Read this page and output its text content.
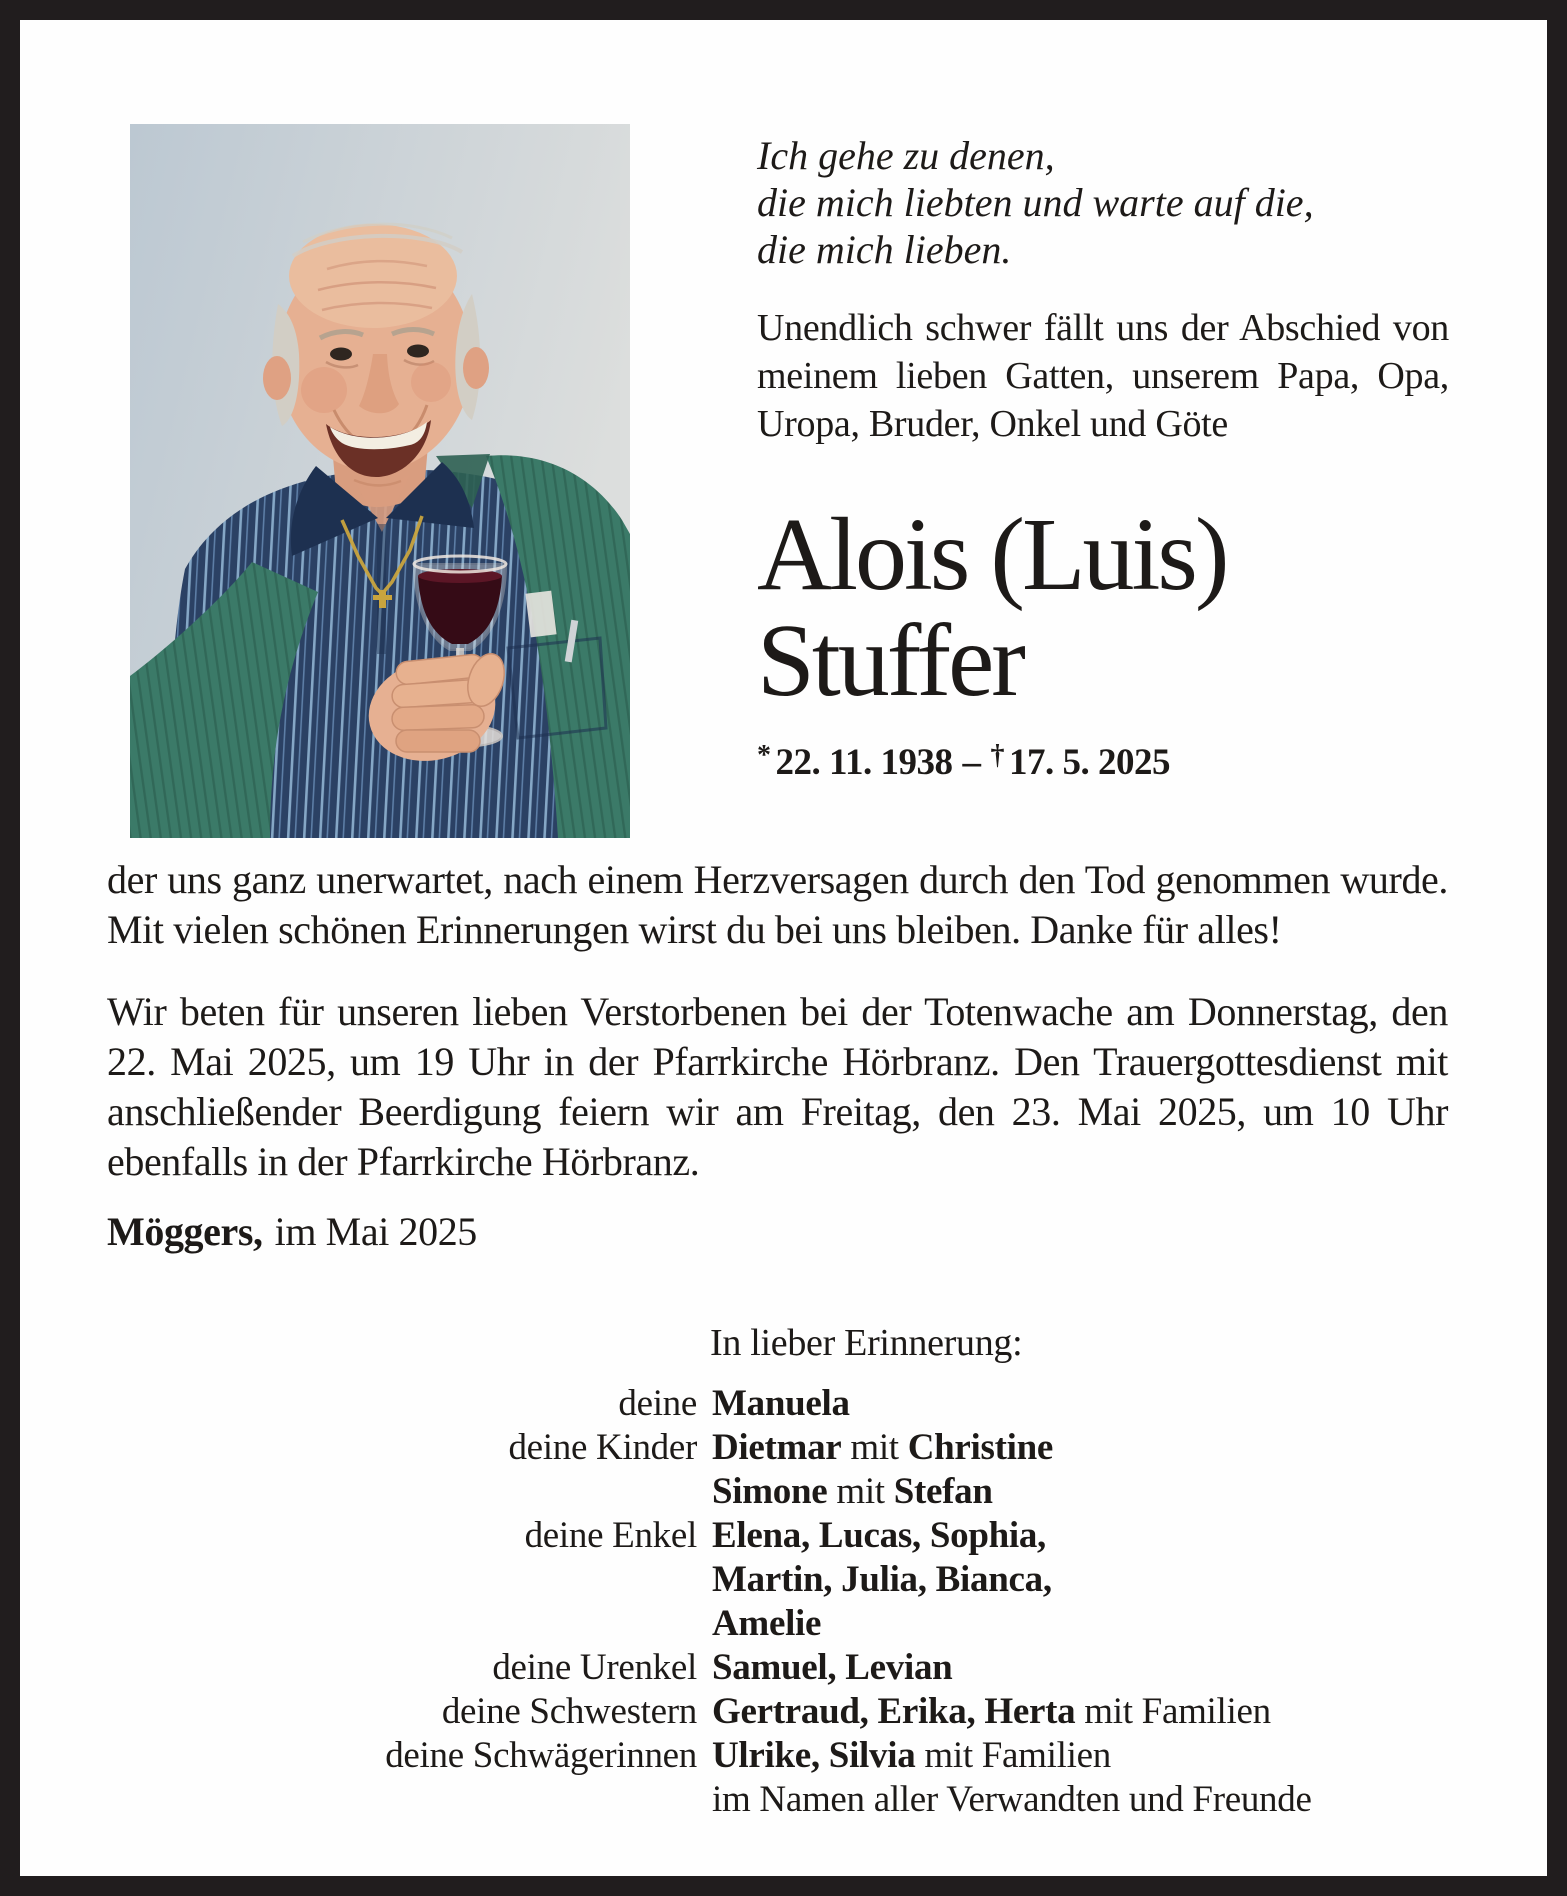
Ich gehe zu denen,
die mich liebten und warte auf die,
die mich lieben.

Unendlich schwer fällt uns der Abschied von meinem lieben Gatten, unserem Papa, Opa, Uropa, Bruder, Onkel und Göte

Alois (Luis)
Stuffer
* 22. 11. 1938 – † 17. 5. 2025

der uns ganz unerwartet, nach einem Herzversagen durch den Tod genommen wurde. Mit vielen schönen Erinnerungen wirst du bei uns bleiben. Danke für alles!

Wir beten für unseren lieben Verstorbenen bei der Totenwache am Donnerstag, den 22. Mai 2025, um 19 Uhr in der Pfarrkirche Hörbranz. Den Trauergottesdienst mit anschließender Beerdigung feiern wir am Freitag, den 23. Mai 2025, um 10 Uhr ebenfalls in der Pfarrkirche Hörbranz.

Möggers, im Mai 2025

In lieber Erinnerung:
deine Manuela
deine Kinder Dietmar mit Christine
Simone mit Stefan
deine Enkel Elena, Lucas, Sophia,
Martin, Julia, Bianca,
Amelie
deine Urenkel Samuel, Levian
deine Schwestern Gertraud, Erika, Herta mit Familien
deine Schwägerinnen Ulrike, Silvia mit Familien
im Namen aller Verwandten und Freunde
